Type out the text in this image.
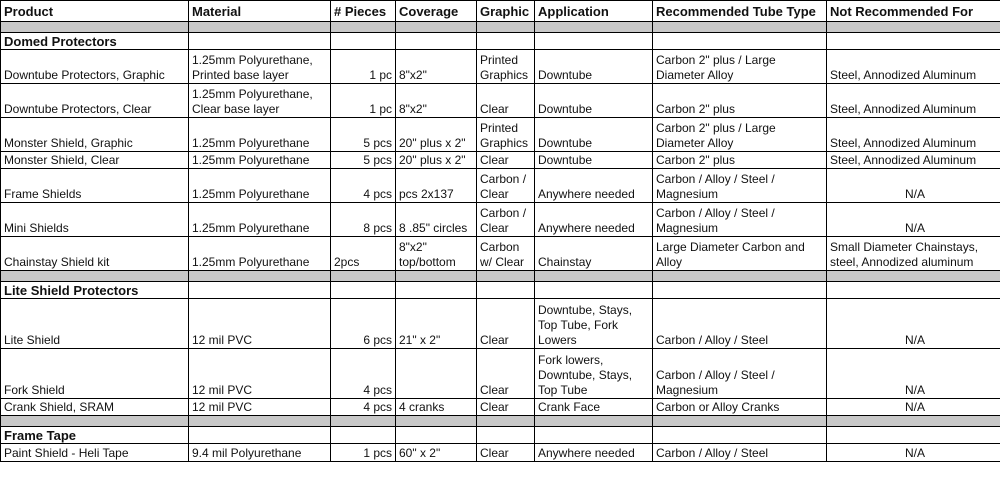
Product	Material	# Pieces	Coverage	Graphic	Application	Recommended Tube Type	Not Recommended For

Domed Protectors							
Downtube Protectors, Graphic	1.25mm Polyurethane, Printed base layer	1 pc	8"x2"	Printed Graphics	Downtube	Carbon 2" plus / Large Diameter Alloy	Steel, Annodized Aluminum
Downtube Protectors, Clear	1.25mm Polyurethane, Clear base layer	1 pc	8"x2"	Clear	Downtube	Carbon 2" plus	Steel, Annodized Aluminum
Monster Shield, Graphic	1.25mm Polyurethane	5 pcs	20" plus x 2"	Printed Graphics	Downtube	Carbon 2" plus / Large Diameter Alloy	Steel, Annodized Aluminum
Monster Shield, Clear	1.25mm Polyurethane	5 pcs	20" plus x 2"	Clear	Downtube	Carbon 2" plus	Steel, Annodized Aluminum
Frame Shields	1.25mm Polyurethane	4 pcs	pcs 2x137	Carbon / Clear	Anywhere needed	Carbon / Alloy / Steel / Magnesium	N/A
Mini Shields	1.25mm Polyurethane	8 pcs	8 .85" circles	Carbon / Clear	Anywhere needed	Carbon / Alloy / Steel / Magnesium	N/A
Chainstay Shield kit	1.25mm Polyurethane	2pcs	8"x2" top/bottom	Carbon w/ Clear	Chainstay	Large Diameter Carbon and Alloy	Small Diameter Chainstays, steel, Annodized aluminum

Lite Shield Protectors							
Lite Shield	12 mil PVC	6 pcs	21" x 2"	Clear	Downtube, Stays, Top Tube, Fork Lowers	Carbon / Alloy / Steel	N/A
Fork Shield	12 mil PVC	4 pcs		Clear	Fork lowers, Downtube, Stays, Top Tube	Carbon / Alloy / Steel / Magnesium	N/A
Crank Shield, SRAM	12 mil PVC	4 pcs	4 cranks	Clear	Crank Face	Carbon or Alloy Cranks	N/A

Frame Tape							
Paint Shield - Heli Tape	9.4 mil Polyurethane	1 pcs	60" x 2"	Clear	Anywhere needed	Carbon / Alloy / Steel	N/A
